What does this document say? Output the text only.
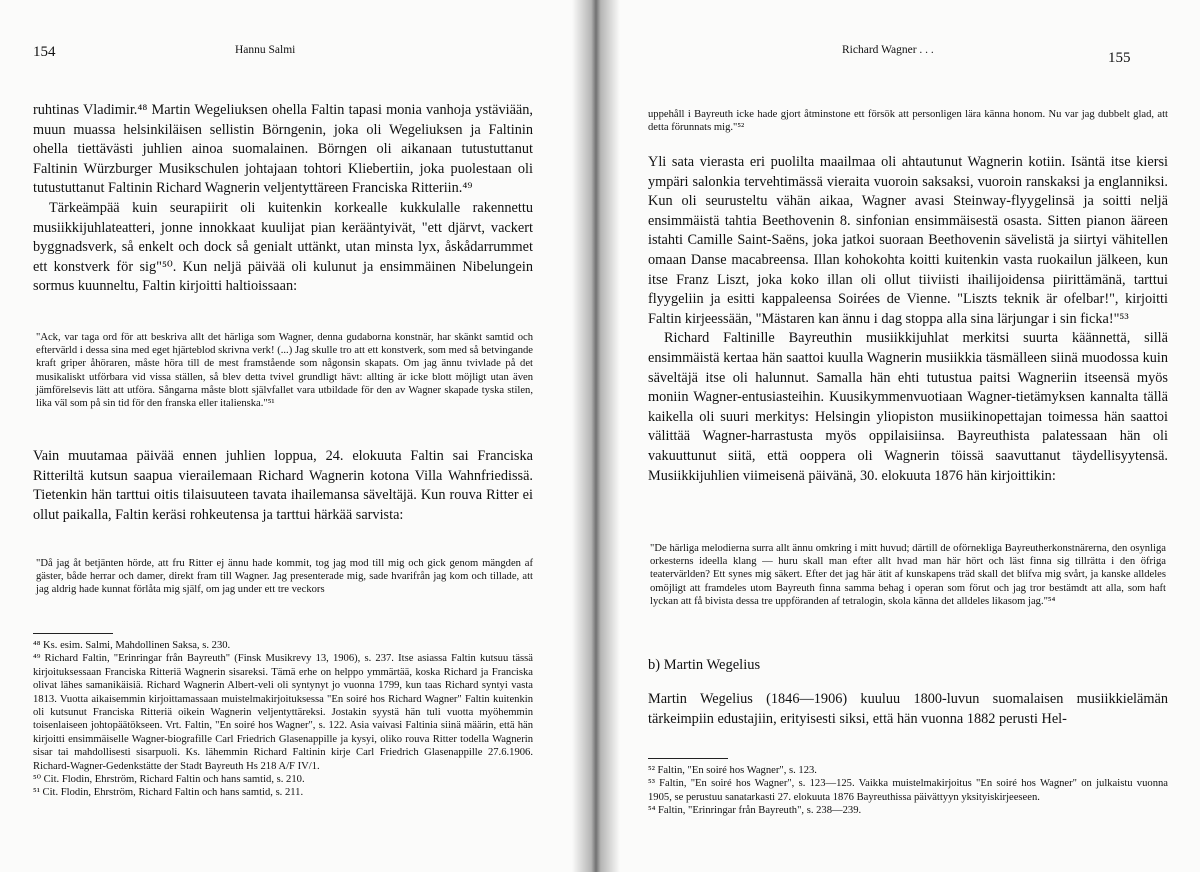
154	Hannu Salmi

ruhtinas Vladimir.⁴⁸ Martin Wegeliuksen ohella Faltin tapasi monia vanhoja ystäviään, muun muassa helsinkiläisen sellistin Börngenin, joka oli Wegeliuksen ja Faltinin ohella tiettävästi juhlien ainoa suomalainen. Börngen oli aikanaan tutustuttanut Faltinin Würzburger Musikschulen johtajaan tohtori Kliebertiin, joka puolestaan oli tutustuttanut Faltinin Richard Wagnerin veljentyttäreen Franciska Ritteriin.⁴⁹

Tärkeämpää kuin seurapiirit oli kuitenkin korkealle kukkulalle rakennettu musiikkijuhlateatteri, jonne innokkaat kuulijat pian kerääntyivät, "ett djärvt, vackert byggnadsverk, så enkelt och dock så genialt uttänkt, utan minsta lyx, åskådarrummet ett konstverk för sig"⁵⁰. Kun neljä päivää oli kulunut ja ensimmäinen Nibelungein sormus kuunneltu, Faltin kirjoitti haltioissaan:

"Ack, var taga ord för att beskriva allt det härliga som Wagner, denna gudaborna konstnär, har skänkt samtid och eftervärld i dessa sina med eget hjärteblod skrivna verk! (...) Jag skulle tro att ett konstverk, som med så betvingande kraft griper åhöraren, måste höra till de mest framstående som någonsin skapats. Om jag ännu tvivlade på det musikaliskt utförbara vid vissa ställen, så blev detta tvivel grundligt hävt: allting är icke blott möjligt utan även jämförelsevis lätt att utföra. Sångarna måste blott självfallet vara utbildade för den av Wagner skapade tyska stilen, lika väl som på sin tid för den franska eller italienska."⁵¹

Vain muutamaa päivää ennen juhlien loppua, 24. elokuuta Faltin sai Franciska Ritteriltä kutsun saapua vierailemaan Richard Wagnerin kotona Villa Wahnfriedissä. Tietenkin hän tarttui oitis tilaisuuteen tavata ihailemansa säveltäjä. Kun rouva Ritter ei ollut paikalla, Faltin keräsi rohkeutensa ja tarttui härkää sarvista:

"Då jag åt betjänten hörde, att fru Ritter ej ännu hade kommit, tog jag mod till mig och gick genom mängden af gäster, både herrar och damer, direkt fram till Wagner. Jag presenterade mig, sade hvarifrån jag kom och tillade, att jag aldrig hade kunnat förlåta mig själf, om jag under ett tre veckors

⁴⁸ Ks. esim. Salmi, Mahdollinen Saksa, s. 230.

⁴⁹ Richard Faltin, "Erinringar från Bayreuth" (Finsk Musikrevy 13, 1906), s. 237. Itse asiassa Faltin kutsuu tässä kirjoituksessaan Franciska Ritteriä Wagnerin sisareksi. Tämä erhe on helppo ymmärtää, koska Richard ja Franciska olivat lähes samanikäisiä. Richard Wagnerin Albert-veli oli syntynyt jo vuonna 1799, kun taas Richard syntyi vasta 1813. Vuotta aikaisemmin kirjoittamassaan muistelmakirjoituksessa "En soiré hos Richard Wagner" Faltin kuitenkin oli kutsunut Franciska Ritteriä oikein Wagnerin veljentyttäreksi. Jostakin syystä hän tuli vuotta myöhemmin toisenlaiseen johtopäätökseen. Vrt. Faltin, "En soiré hos Wagner", s. 122. Asia vaivasi Faltinia siinä määrin, että hän kirjoitti ensimmäiselle Wagner-biografille Carl Friedrich Glasenappille ja kysyi, oliko rouva Ritter todella Wagnerin sisar tai mahdollisesti sisarpuoli. Ks. lähemmin Richard Faltinin kirje Carl Friedrich Glasenappille 27.6.1906. Richard-Wagner-Gedenkstätte der Stadt Bayreuth Hs 218 A/F IV/1.

⁵⁰ Cit. Flodin, Ehrström, Richard Faltin och hans samtid, s. 210.

⁵¹ Cit. Flodin, Ehrström, Richard Faltin och hans samtid, s. 211.

Richard Wagner . . .	155

uppehåll i Bayreuth icke hade gjort åtminstone ett försök att personligen lära känna honom. Nu var jag dubbelt glad, att detta förunnats mig."⁵²

Yli sata vierasta eri puolilta maailmaa oli ahtautunut Wagnerin kotiin. Isäntä itse kiersi ympäri salonkia tervehtimässä vieraita vuoroin saksaksi, vuoroin ranskaksi ja englanniksi. Kun oli seurusteltu vähän aikaa, Wagner avasi Steinway-flyygelinsä ja soitti neljä ensimmäistä tahtia Beethovenin 8. sinfonian ensimmäisestä osasta. Sitten pianon ääreen istahti Camille Saint-Saëns, joka jatkoi suoraan Beethovenin sävelistä ja siirtyi vähitellen omaan Danse macabreensa. Illan kohokohta koitti kuitenkin vasta ruokailun jälkeen, kun itse Franz Liszt, joka koko illan oli ollut tiiviisti ihailijoidensa piirittämänä, tarttui flyygeliin ja esitti kappaleensa Soirées de Vienne. "Liszts teknik är ofelbar!", kirjoitti Faltin kirjeessään, "Mästaren kan ännu i dag stoppa alla sina lärjungar i sin ficka!"⁵³

Richard Faltinille Bayreuthin musiikkijuhlat merkitsi suurta käännettä, sillä ensimmäistä kertaa hän saattoi kuulla Wagnerin musiikkia täsmälleen siinä muodossa kuin säveltäjä itse oli halunnut. Samalla hän ehti tutustua paitsi Wagneriin itseensä myös moniin Wagner-entusiasteihin. Kuusikymmenvuotiaan Wagner-tietämyksen kannalta tällä kaikella oli suuri merkitys: Helsingin yliopiston musiikinopettajan toimessa hän saattoi välittää Wagner-harrastusta myös oppilaisiinsa. Bayreuthista palatessaan hän oli vakuuttunut siitä, että oopperа oli Wagnerin töissä saavuttanut täydellisyytensä. Musiikkijuhlien viimeisenä päivänä, 30. elokuuta 1876 hän kirjoittikin:

"De härliga melodierna surra allt ännu omkring i mitt huvud; därtill de oförnekliga Bayreutherkonstnärerna, den osynliga orkesterns ideella klang — huru skall man efter allt hvad man här hört och läst finna sig tillrätta i den öfriga teatervärlden? Ett synes mig säkert. Efter det jag här ätit af kunskapens träd skall det blifva mig svårt, ja kanske alldeles omöjligt att framdeles utom Bayreuth finna samma behag i operan som förut och jag tror bestämdt att alla, som haft lyckan att få bivista dessa tre uppföranden af tetralogin, skola känna det alldeles likasom jag."⁵⁴

b) Martin Wegelius

Martin Wegelius (1846—1906) kuuluu 1800-luvun suomalaisen musiikkielämän tärkeimpiin edustajiin, erityisesti siksi, että hän vuonna 1882 perusti Hel-

⁵² Faltin, "En soiré hos Wagner", s. 123.

⁵³ Faltin, "En soiré hos Wagner", s. 123—125. Vaikka muistelmakirjoitus "En soiré hos Wagner" on julkaistu vuonna 1905, se perustuu sanatarkasti 27. elokuuta 1876 Bayreuthissa päivättyyn yksityiskirjeeseen.

⁵⁴ Faltin, "Erinringar från Bayreuth", s. 238—239.
